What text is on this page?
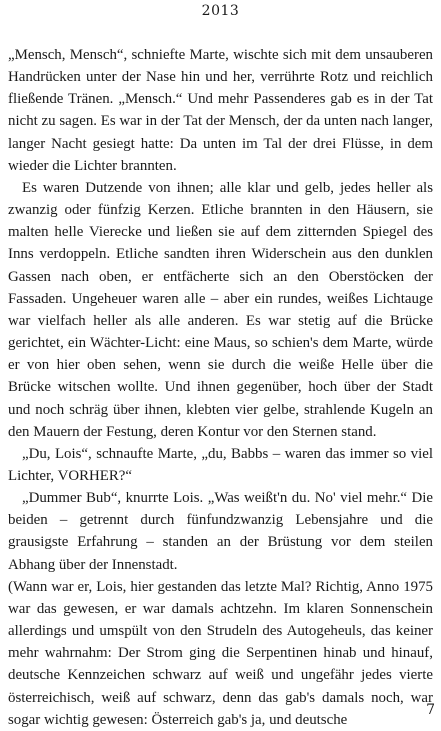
2013

„Mensch, Mensch“, schniefte Marte, wischte sich mit dem unsauberen Handrücken unter der Nase hin und her, verrührte Rotz und reichlich fließende Tränen. „Mensch.“ Und mehr Passenderes gab es in der Tat nicht zu sagen. Es war in der Tat der Mensch, der da unten nach langer, langer Nacht gesiegt hatte: Da unten im Tal der drei Flüsse, in dem wieder die Lichter brannten.

Es waren Dutzende von ihnen; alle klar und gelb, jedes heller als zwanzig oder fünfzig Kerzen. Etliche brannten in den Häusern, sie malten helle Vierecke und ließen sie auf dem zitternden Spiegel des Inns verdoppeln. Etliche sandten ihren Widerschein aus den dunklen Gassen nach oben, er entfächerte sich an den Oberstöcken der Fassaden. Ungeheuer waren alle – aber ein rundes, weißes Lichtauge war vielfach heller als alle anderen. Es war stetig auf die Brücke gerichtet, ein Wächter-Licht: eine Maus, so schien's dem Marte, würde er von hier oben sehen, wenn sie durch die weiße Helle über die Brücke witschen wollte. Und ihnen gegenüber, hoch über der Stadt und noch schräg über ihnen, klebten vier gelbe, strahlende Kugeln an den Mauern der Festung, deren Kontur vor den Sternen stand.

„Du, Lois“, schnaufte Marte, „du, Babbs – waren das immer so viel Lichter, VORHER?“

„Dummer Bub“, knurrte Lois. „Was weißt'n du. No' viel mehr.“ Die beiden – getrennt durch fünfundzwanzig Lebensjahre und die grausigste Erfahrung – standen an der Brüstung vor dem steilen Abhang über der Innenstadt.

(Wann war er, Lois, hier gestanden das letzte Mal? Richtig, Anno 1975 war das gewesen, er war damals achtzehn. Im klaren Sonnenschein allerdings und umspült von den Strudeln des Autogeheuls, das keiner mehr wahrnahm: Der Strom ging die Serpentinen hinab und hinauf, deutsche Kennzeichen schwarz auf weiß und ungefähr jedes vierte österreichisch, weiß auf schwarz, denn das gab's damals noch, war sogar wichtig gewesen: Österreich gab's ja, und deutsche

7
